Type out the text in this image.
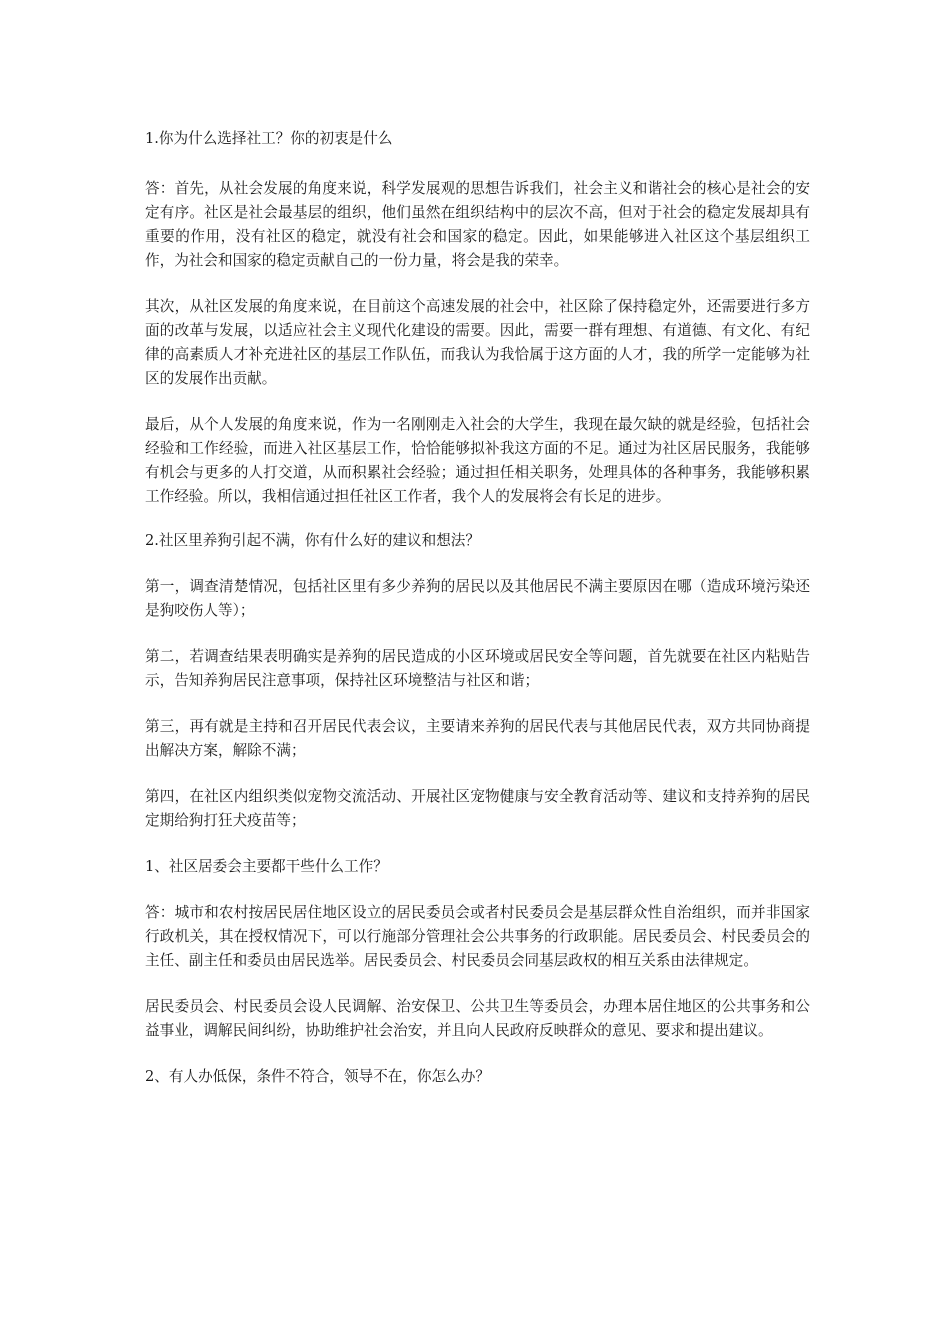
1.你为什么选择社工？你的初衷是什么

答：首先，从社会发展的角度来说，科学发展观的思想告诉我们，社会主义和谐社会的核心是社会的安定有序。社区是社会最基层的组织，他们虽然在组织结构中的层次不高，但对于社会的稳定发展却具有重要的作用，没有社区的稳定，就没有社会和国家的稳定。因此，如果能够进入社区这个基层组织工作，为社会和国家的稳定贡献自己的一份力量，将会是我的荣幸。

其次，从社区发展的角度来说，在目前这个高速发展的社会中，社区除了保持稳定外，还需要进行多方面的改革与发展，以适应社会主义现代化建设的需要。因此，需要一群有理想、有道德、有文化、有纪律的高素质人才补充进社区的基层工作队伍，而我认为我恰属于这方面的人才，我的所学一定能够为社区的发展作出贡献。

最后，从个人发展的角度来说，作为一名刚刚走入社会的大学生，我现在最欠缺的就是经验，包括社会经验和工作经验，而进入社区基层工作，恰恰能够拟补我这方面的不足。通过为社区居民服务，我能够有机会与更多的人打交道，从而积累社会经验；通过担任相关职务，处理具体的各种事务，我能够积累工作经验。所以，我相信通过担任社区工作者，我个人的发展将会有长足的进步。

2.社区里养狗引起不满，你有什么好的建议和想法？

第一，调查清楚情况，包括社区里有多少养狗的居民以及其他居民不满主要原因在哪（造成环境污染还是狗咬伤人等）；

第二，若调查结果表明确实是养狗的居民造成的小区环境或居民安全等问题，首先就要在社区内粘贴告示，告知养狗居民注意事项，保持社区环境整洁与社区和谐；

第三，再有就是主持和召开居民代表会议，主要请来养狗的居民代表与其他居民代表，双方共同协商提出解决方案，解除不满；

第四，在社区内组织类似宠物交流活动、开展社区宠物健康与安全教育活动等、建议和支持养狗的居民定期给狗打狂犬疫苗等；

1、社区居委会主要都干些什么工作？

答：城市和农村按居民居住地区设立的居民委员会或者村民委员会是基层群众性自治组织，而并非国家行政机关，其在授权情况下，可以行施部分管理社会公共事务的行政职能。居民委员会、村民委员会的主任、副主任和委员由居民选举。居民委员会、村民委员会同基层政权的相互关系由法律规定。

居民委员会、村民委员会设人民调解、治安保卫、公共卫生等委员会，办理本居住地区的公共事务和公益事业，调解民间纠纷，协助维护社会治安，并且向人民政府反映群众的意见、要求和提出建议。

2、有人办低保，条件不符合，领导不在，你怎么办？
